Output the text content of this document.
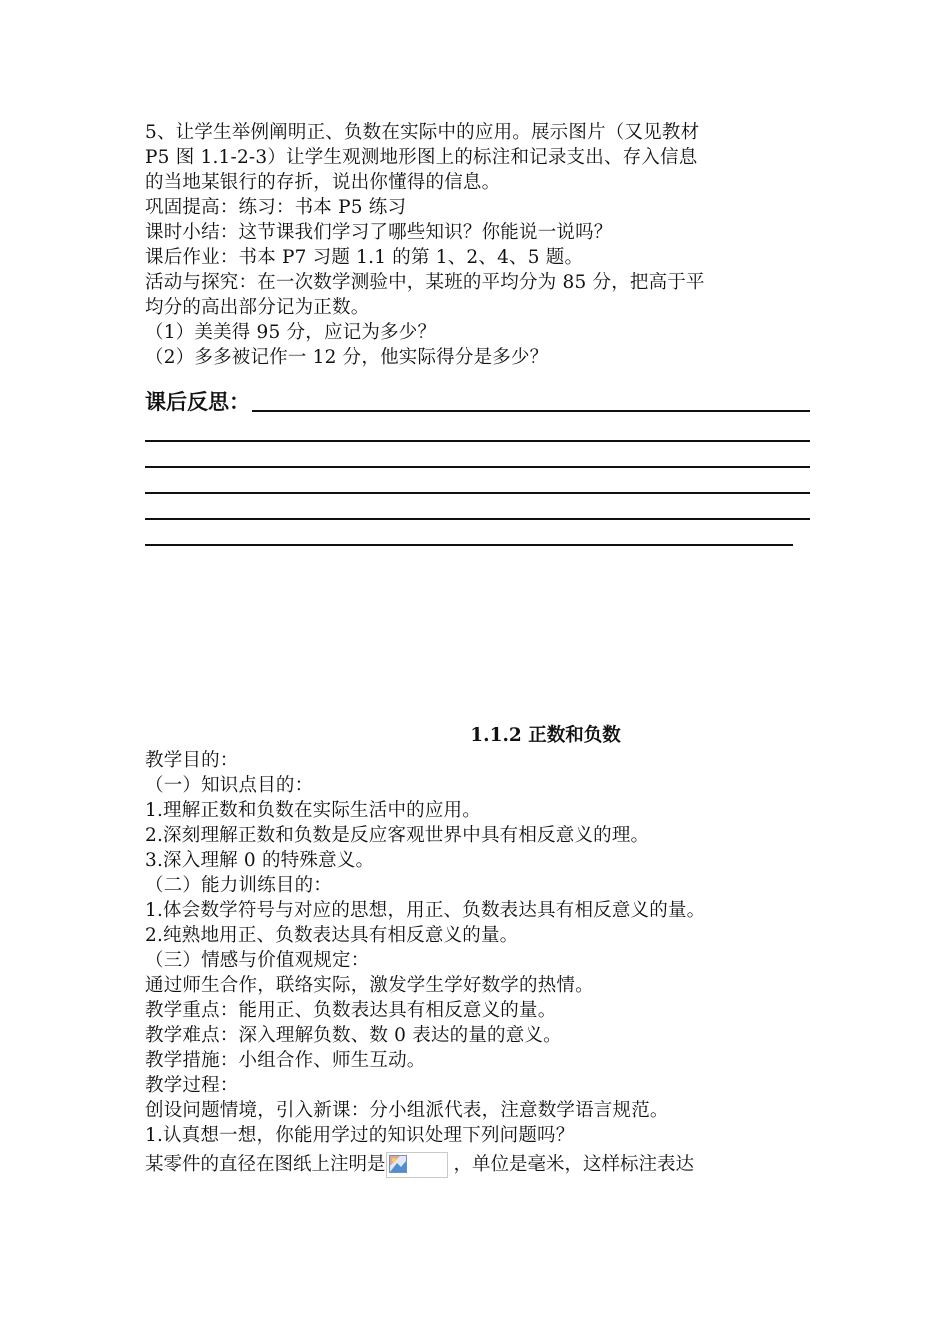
5、让学生举例阐明正、负数在实际中的应用。展示图片（又见教材
P5 图 1.1-2-3）让学生观测地形图上的标注和记录支出、存入信息
的当地某银行的存折，说出你懂得的信息。
巩固提高：练习：书本 P5 练习
课时小结：这节课我们学习了哪些知识？你能说一说吗？
课后作业：书本 P7 习题 1.1 的第 1、2、4、5 题。
活动与探究：在一次数学测验中，某班的平均分为 85 分，把高于平
均分的高出部分记为正数。
（1）美美得 95 分，应记为多少？
（2）多多被记作一 12 分，他实际得分是多少？
课后反思：
1.1.2 正数和负数
教学目的：
（一）知识点目的：
1.理解正数和负数在实际生活中的应用。
2.深刻理解正数和负数是反应客观世界中具有相反意义的理。
3.深入理解 0 的特殊意义。
（二）能力训练目的：
1.体会数学符号与对应的思想，用正、负数表达具有相反意义的量。
2.纯熟地用正、负数表达具有相反意义的量。
（三）情感与价值观规定：
通过师生合作，联络实际，激发学生学好数学的热情。
教学重点：能用正、负数表达具有相反意义的量。
教学难点：深入理解负数、数 0 表达的量的意义。
教学措施：小组合作、师生互动。
教学过程：
创设问题情境，引入新课：分小组派代表，注意数学语言规范。
1.认真想一想，你能用学过的知识处理下列问题吗？
某零件的直径在图纸上注明是	，单位是毫米，这样标注表达
